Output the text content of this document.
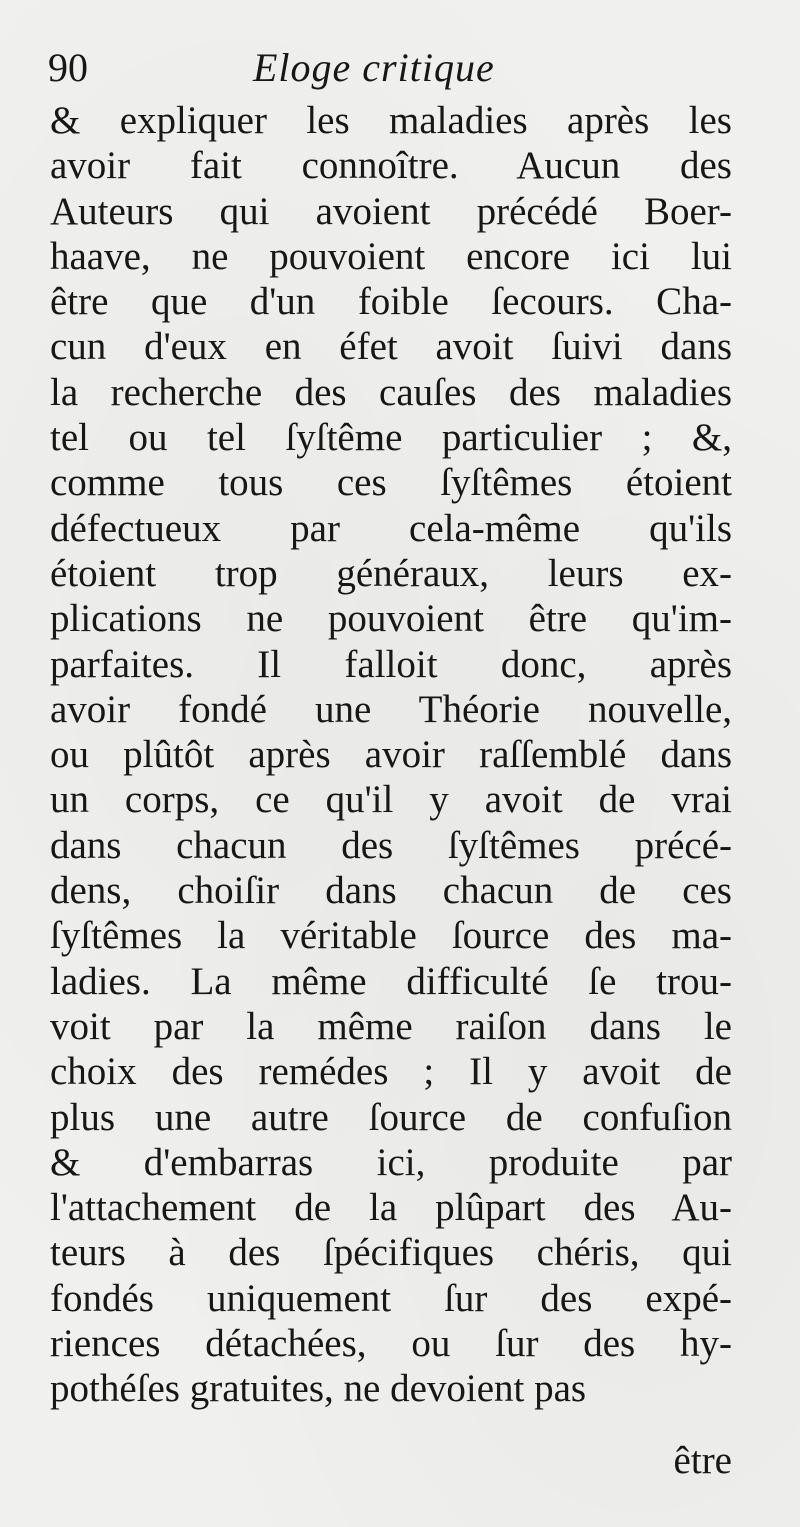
90	Eloge critique
& expliquer les maladies après les
avoir fait connoître. Aucun des
Auteurs qui avoient précédé Boer-
haave, ne pouvoient encore ici lui
être que d'un foible ſecours. Cha-
cun d'eux en éfet avoit ſuivi dans
la recherche des cauſes des maladies
tel ou tel ſyſtême particulier ; &,
comme tous ces ſyſtêmes étoient
défectueux par cela-même qu'ils
étoient trop généraux, leurs ex-
plications ne pouvoient être qu'im-
parfaites. Il falloit donc, après
avoir fondé une Théorie nouvelle,
ou plûtôt après avoir raſſemblé dans
un corps, ce qu'il y avoit de vrai
dans chacun des ſyſtêmes précé-
dens, choiſir dans chacun de ces
ſyſtêmes la véritable ſource des ma-
ladies. La même difficulté ſe trou-
voit par la même raiſon dans le
choix des remédes ; Il y avoit de
plus une autre ſource de confuſion
& d'embarras ici, produite par
l'attachement de la plûpart des Au-
teurs à des ſpécifiques chéris, qui
fondés uniquement ſur des expé-
riences détachées, ou ſur des hy-
pothéſes gratuites, ne devoient pas
être
